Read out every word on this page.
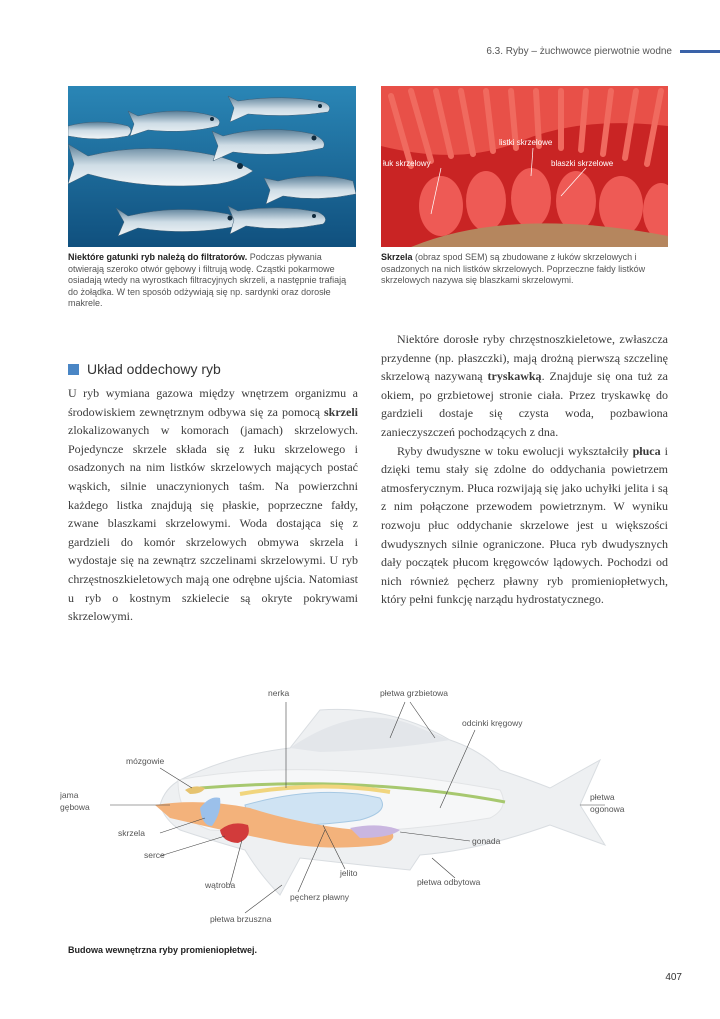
6.3. Ryby – żuchwowce pierwotnie wodne
Niektóre gatunki ryb należą do filtratorów. Podczas pływania otwierają szeroko otwór gębowy i filtrują wodę. Cząstki pokarmowe osiadają wtedy na wyrostkach filtracyjnych skrzeli, a następnie trafiają do żołądka. W ten sposób odżywiają się np. sardynki oraz dorosłe makrele.
łuk skrzelowy
listki skrzelowe
blaszki skrzelowe
Skrzela (obraz spod SEM) są zbudowane z łuków skrzelowych i osadzonych na nich listków skrzelowych. Poprzeczne fałdy listków skrzelowych nazywa się blaszkami skrzelowymi.
Układ oddechowy ryb

U ryb wymiana gazowa między wnętrzem organizmu a środowiskiem zewnętrznym odbywa się za pomocą skrzeli zlokalizowanych w komorach (jamach) skrzelowych. Pojedyncze skrzele składa się z łuku skrzelowego i osadzonych na nim listków skrzelowych mających postać wąskich, silnie unaczynionych taśm. Na powierzchni każdego listka znajdują się płaskie, poprzeczne fałdy, zwane blaszkami skrzelowymi. Woda dostająca się z gardzieli do komór skrzelowych obmywa skrzela i wydostaje się na zewnątrz szczelinami skrzelowymi. U ryb chrzęstnoszkieletowych mają one odrębne ujścia. Natomiast u ryb o kostnym szkielecie są okryte pokrywami skrzelowymi.

Niektóre dorosłe ryby chrzęstnoszkieletowe, zwłaszcza przydenne (np. płaszczki), mają drożną pierwszą szczelinę skrzelową nazywaną tryskawką. Znajduje się ona tuż za okiem, po grzbietowej stronie ciała. Przez tryskawkę do gardzieli dostaje się czysta woda, pozbawiona zanieczyszczeń pochodzących z dna.

Ryby dwudyszne w toku ewolucji wykształciły płuca i dzięki temu stały się zdolne do oddychania powietrzem atmosferycznym. Płuca rozwijają się jako uchyłki jelita i są z nim połączone przewodem powietrznym. W wyniku rozwoju płuc oddychanie skrzelowe jest u większości dwudysznych silnie ograniczone. Płuca ryb dwudysznych dały początek płucom kręgowców lądowych. Pochodzi od nich również pęcherz pławny ryb promieniopłetwych, który pełni funkcję narządu hydrostatycznego.

nerka	płetwa grzbietowa
odcinki kręgowy
mózgowie
jama
gębowa
płetwa
ogonowa
skrzela
serce
gonada
jelito
płetwa odbytowa
wątroba
pęcherz pławny
płetwa brzuszna
Budowa wewnętrzna ryby promieniopłetwej.
407
